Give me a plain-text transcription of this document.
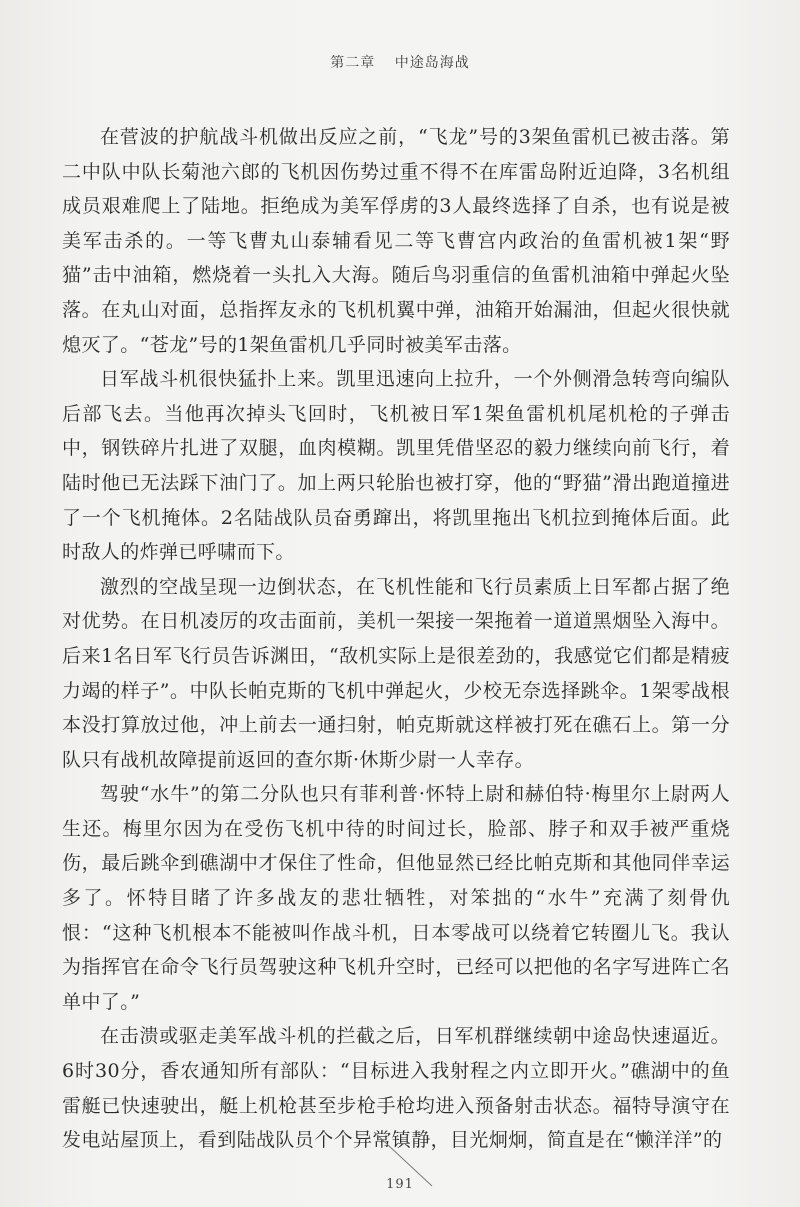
第二章 中途岛海战

在菅波的护航战斗机做出反应之前，“飞龙”号的3架鱼雷机已被击落。第二中队中队长菊池六郎的飞机因伤势过重不得不在库雷岛附近迫降，3名机组成员艰难爬上了陆地。拒绝成为美军俘虏的3人最终选择了自杀，也有说是被美军击杀的。一等飞曹丸山泰辅看见二等飞曹宫内政治的鱼雷机被1架“野猫”击中油箱，燃烧着一头扎入大海。随后鸟羽重信的鱼雷机油箱中弹起火坠落。在丸山对面，总指挥友永的飞机机翼中弹，油箱开始漏油，但起火很快就熄灭了。“苍龙”号的1架鱼雷机几乎同时被美军击落。

日军战斗机很快猛扑上来。凯里迅速向上拉升，一个外侧滑急转弯向编队后部飞去。当他再次掉头飞回时，飞机被日军1架鱼雷机机尾机枪的子弹击中，钢铁碎片扎进了双腿，血肉模糊。凯里凭借坚忍的毅力继续向前飞行，着陆时他已无法踩下油门了。加上两只轮胎也被打穿，他的“野猫”滑出跑道撞进了一个飞机掩体。2名陆战队员奋勇蹿出，将凯里拖出飞机拉到掩体后面。此时敌人的炸弹已呼啸而下。

激烈的空战呈现一边倒状态，在飞机性能和飞行员素质上日军都占据了绝对优势。在日机凌厉的攻击面前，美机一架接一架拖着一道道黑烟坠入海中。后来1名日军飞行员告诉渊田，“敌机实际上是很差劲的，我感觉它们都是精疲力竭的样子”。中队长帕克斯的飞机中弹起火，少校无奈选择跳伞。1架零战根本没打算放过他，冲上前去一通扫射，帕克斯就这样被打死在礁石上。第一分队只有战机故障提前返回的查尔斯·休斯少尉一人幸存。

驾驶“水牛”的第二分队也只有菲利普·怀特上尉和赫伯特·梅里尔上尉两人生还。梅里尔因为在受伤飞机中待的时间过长，脸部、脖子和双手被严重烧伤，最后跳伞到礁湖中才保住了性命，但他显然已经比帕克斯和其他同伴幸运多了。怀特目睹了许多战友的悲壮牺牲，对笨拙的“水牛”充满了刻骨仇恨：“这种飞机根本不能被叫作战斗机，日本零战可以绕着它转圈儿飞。我认为指挥官在命令飞行员驾驶这种飞机升空时，已经可以把他的名字写进阵亡名单中了。”

在击溃或驱走美军战斗机的拦截之后，日军机群继续朝中途岛快速逼近。6时30分，香农通知所有部队：“目标进入我射程之内立即开火。”礁湖中的鱼雷艇已快速驶出，艇上机枪甚至步枪手枪均进入预备射击状态。福特导演守在发电站屋顶上，看到陆战队员个个异常镇静，目光炯炯，简直是在“懒洋洋”的

191
